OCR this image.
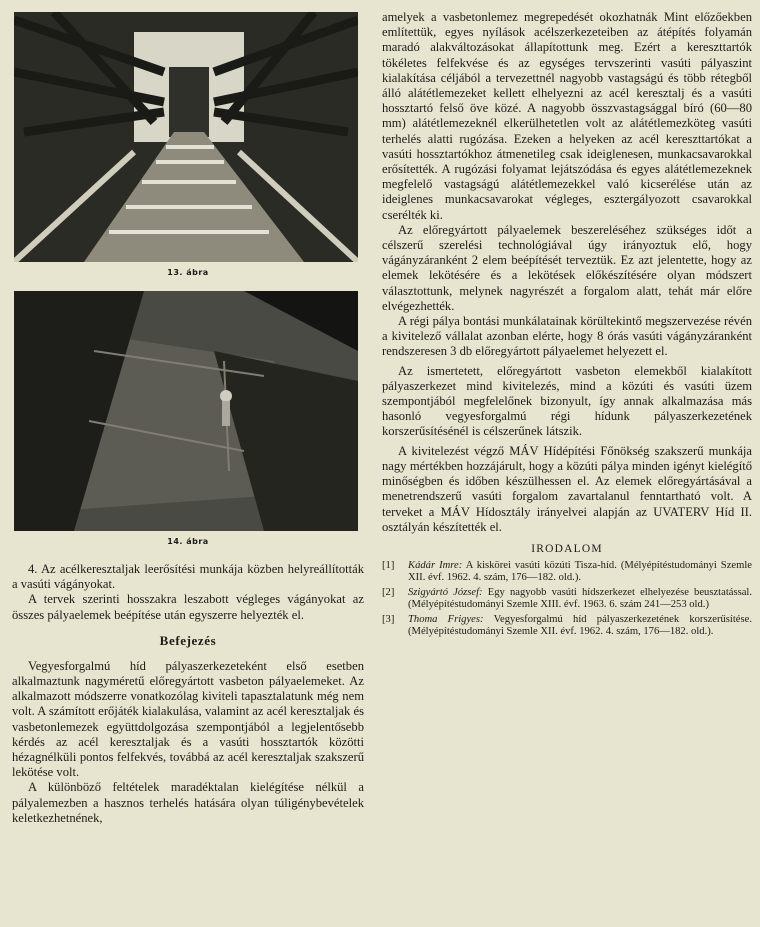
13. ábra
14. ábra

4. Az acélkeresztaljak leerősítési munkája közben helyreállították a vasúti vágányokat.

A tervek szerinti hosszakra leszabott végleges vágányokat az összes pályaelemek beépítése után egyszerre helyezték el.

Befejezés

Vegyesforgalmú híd pályaszerkezeteként első esetben alkalmaztunk nagyméretű előregyártott vasbeton pályaelemeket. Az alkalmazott módszerre vonatkozólag kiviteli tapasztalatunk még nem volt. A számított erőjáték kialakulása, valamint az acél keresztaljak és vasbetonlemezek együttdolgozása szempontjából a legjelentősebb kérdés az acél keresztaljak és a vasúti hossztartók közötti hézagnélküli pontos felfekvés, továbbá az acél keresztaljak szakszerű lekötése volt.

A különböző feltételek maradéktalan kielégítése nélkül a pályalemezben a hasznos terhelés hatására olyan túligénybevételek keletkezhetnének,

amelyek a vasbetonlemez megrepedését okozhatnák Mint előzőekben említettük, egyes nyílások acélszerkezeteiben az átépítés folyamán maradó alakváltozásokat állapítottunk meg. Ezért a kereszttartók tökéletes felfekvése és az egységes tervszerinti vasúti pályaszint kialakítása céljából a tervezettnél nagyobb vastagságú és több rétegből álló alátétlemezeket kellett elhelyezni az acél keresztalj és a vasúti hossztartó felső öve közé. A nagyobb összvastagsággal bíró (60—80 mm) alátétlemezeknél elkerülhetetlen volt az alátétlemezköteg vasúti terhelés alatti rugózása. Ezeken a helyeken az acél kereszttartókat a vasúti hossztartókhoz átmenetileg csak ideiglenesen, munkacsavarokkal erősítették. A rugózási folyamat lejátszódása és egyes alátétlemezeknek megfelelő vastagságú alátétlemezekkel való kicserélése után az ideiglenes munkacsavarokat végleges, esztergályozott csavarokkal cserélték ki.

Az előregyártott pályaelemek beszereléséhez szükséges időt a célszerű szerelési technológiával úgy irányoztuk elő, hogy vágányzáranként 2 elem beépítését terveztük. Ez azt jelentette, hogy az elemek lekötésére és a lekötések előkészítésére olyan módszert választottunk, melynek nagyrészét a forgalom alatt, tehát már előre elvégezhették.

A régi pálya bontási munkálatainak körültekintő megszervezése révén a kivitelező vállalat azonban elérte, hogy 8 órás vasúti vágányzáranként rendszeresen 3 db előregyártott pályaelemet helyezett el.

Az ismertetett, előregyártott vasbeton elemekből kialakított pályaszerkezet mind kivitelezés, mind a közúti és vasúti üzem szempontjából megfelelőnek bizonyult, így annak alkalmazása más hasonló vegyesforgalmú régi hídunk pályaszerkezetének korszerűsítésénél is célszerűnek látszik.

A kivitelezést végző MÁV Hídépítési Főnökség szakszerű munkája nagy mértékben hozzájárult, hogy a közúti pálya minden igényt kielégítő minőségben és időben készülhessen el. Az elemek előregyártásával a menetrendszerű vasúti forgalom zavartalanul fenntartható volt. A terveket a MÁV Hídosztály irányelvei alapján az UVATERV Híd II. osztályán készítették el.

IRODALOM
[1]	Kádár Imre: A kiskörei vasúti közúti Tisza-híd. (Mélyépítéstudományi Szemle XII. évf. 1962. 4. szám, 176—182. old.).
[2]	Szigyártó József: Egy nagyobb vasúti hídszerkezet elhelyezése beusztatással. (Mélyépítéstudományi Szemle XIII. évf. 1963. 6. szám 241—253 old.)
[3]	Thoma Frigyes: Vegyesforgalmú híd pályaszerkezetének korszerűsítése. (Mélyépítéstudományi Szemle XII. évf. 1962. 4. szám, 176—182. old.).
